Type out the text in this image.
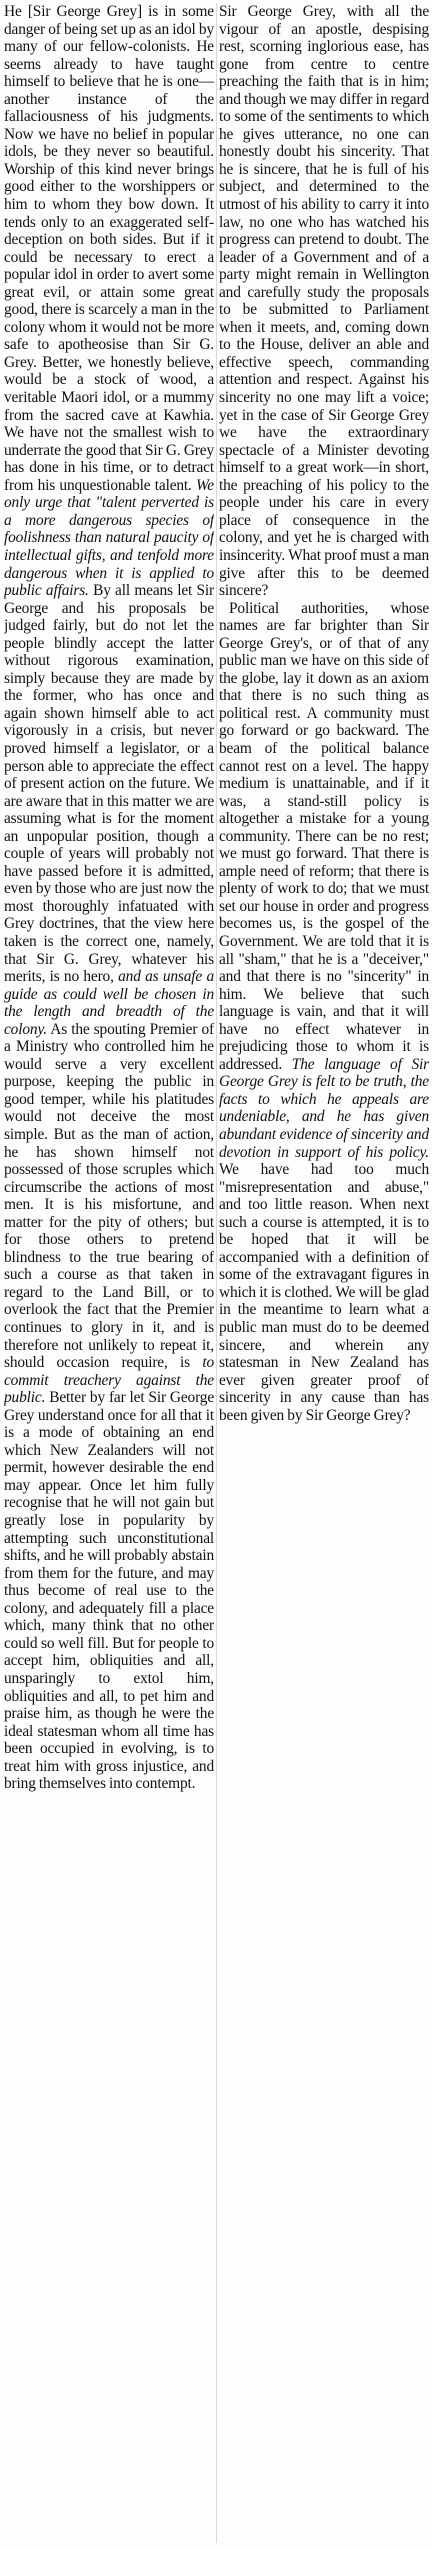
He [Sir George Grey] is in some danger of being set up as an idol by many of our fellow-colonists. He seems already to have taught himself to believe that he is one—another instance of the fallaciousness of his judgments. Now we have no belief in popular idols, be they never so beautiful. Worship of this kind never brings good either to the worshippers or him to whom they bow down. It tends only to an exaggerated self-deception on both sides. But if it could be necessary to erect a popular idol in order to avert some great evil, or attain some great good, there is scarcely a man in the colony whom it would not be more safe to apotheosise than Sir G. Grey. Better, we honestly believe, would be a stock of wood, a veritable Maori idol, or a mummy from the sacred cave at Kawhia. We have not the smallest wish to underrate the good that Sir G. Grey has done in his time, or to detract from his unquestionable talent. We only urge that "talent perverted is a more dangerous species of foolishness than natural paucity of intellectual gifts, and tenfold more dangerous when it is applied to public affairs. By all means let Sir George and his proposals be judged fairly, but do not let the people blindly accept the latter without rigorous examination, simply because they are made by the former, who has once and again shown himself able to act vigorously in a crisis, but never proved himself a legislator, or a person able to appreciate the effect of present action on the future. We are aware that in this matter we are assuming what is for the moment an unpopular position, though a couple of years will probably not have passed before it is admitted, even by those who are just now the most thoroughly infatuated with Grey doctrines, that the view here taken is the correct one, namely, that Sir G. Grey, whatever his merits, is no hero, and as unsafe a guide as could well be chosen in the length and breadth of the colony. As the spouting Premier of a Ministry who controlled him he would serve a very excellent purpose, keeping the public in good temper, while his platitudes would not deceive the most simple. But as the man of action, he has shown himself not possessed of those scruples which circumscribe the actions of most men. It is his misfortune, and matter for the pity of others; but for those others to pretend blindness to the true bearing of such a course as that taken in regard to the Land Bill, or to overlook the fact that the Premier continues to glory in it, and is therefore not unlikely to repeat it, should occasion require, is to commit treachery against the public. Better by far let Sir George Grey understand once for all that it is a mode of obtaining an end which New Zealanders will not permit, however desirable the end may appear. Once let him fully recognise that he will not gain but greatly lose in popularity by attempting such unconstitutional shifts, and he will probably abstain from them for the future, and may thus become of real use to the colony, and adequately fill a place which, many think that no other could so well fill. But for people to accept him, obliquities and all, unsparingly to extol him, obliquities and all, to pet him and praise him, as though he were the ideal statesman whom all time has been occupied in evolving, is to treat him with gross injustice, and bring themselves into contempt.

Sir George Grey, with all the vigour of an apostle, despising rest, scorning inglorious ease, has gone from centre to centre preaching the faith that is in him; and though we may differ in regard to some of the sentiments to which he gives utterance, no one can honestly doubt his sincerity. That he is sincere, that he is full of his subject, and determined to the utmost of his ability to carry it into law, no one who has watched his progress can pretend to doubt. The leader of a Government and of a party might remain in Wellington and carefully study the proposals to be submitted to Parliament when it meets, and, coming down to the House, deliver an able and effective speech, commanding attention and respect. Against his sincerity no one may lift a voice; yet in the case of Sir George Grey we have the extraordinary spectacle of a Minister devoting himself to a great work—in short, the preaching of his policy to the people under his care in every place of consequence in the colony, and yet he is charged with insincerity. What proof must a man give after this to be deemed sincere?

Political authorities, whose names are far brighter than Sir George Grey's, or of that of any public man we have on this side of the globe, lay it down as an axiom that there is no such thing as political rest. A community must go forward or go backward. The beam of the political balance cannot rest on a level. The happy medium is unattainable, and if it was, a stand-still policy is altogether a mistake for a young community. There can be no rest; we must go forward. That there is ample need of reform; that there is plenty of work to do; that we must set our house in order and progress becomes us, is the gospel of the Government. We are told that it is all "sham," that he is a "deceiver," and that there is no "sincerity" in him. We believe that such language is vain, and that it will have no effect whatever in prejudicing those to whom it is addressed. The language of Sir George Grey is felt to be truth, the facts to which he appeals are undeniable, and he has given abundant evidence of sincerity and devotion in support of his policy. We have had too much "misrepresentation and abuse," and too little reason. When next such a course is attempted, it is to be hoped that it will be accompanied with a definition of some of the extravagant figures in which it is clothed. We will be glad in the meantime to learn what a public man must do to be deemed sincere, and wherein any statesman in New Zealand has ever given greater proof of sincerity in any cause than has been given by Sir George Grey?
